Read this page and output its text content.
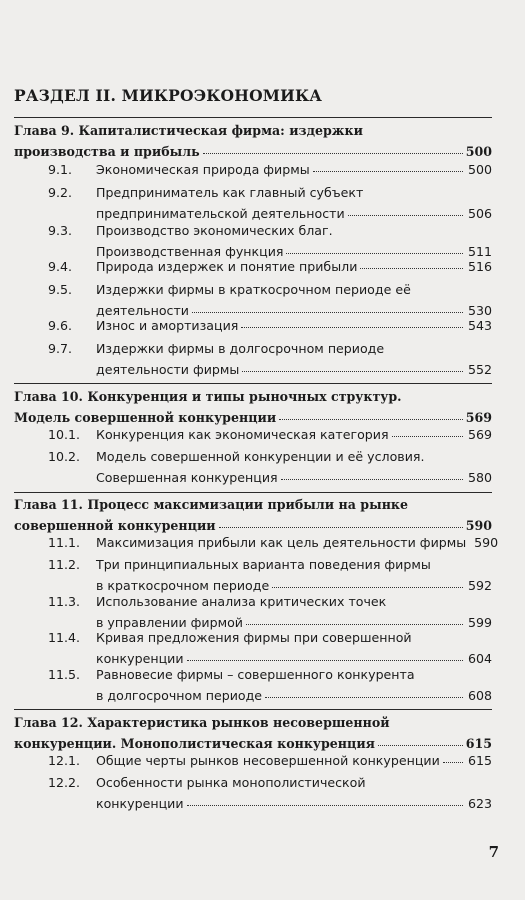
РАЗДЕЛ II. МИКРОЭКОНОМИКА
Глава 9. Капиталистическая фирма: издержки
производства и прибыль	500
9.1.	Экономическая природа фирмы	500
9.2.	Предприниматель как главный субъект
предпринимательской деятельности	506
9.3.	Производство экономических благ.
Производственная функция	511
9.4.	Природа издержек и понятие прибыли	516
9.5.	Издержки фирмы в краткосрочном периоде её
деятельности	530
9.6.	Износ и амортизация	543
9.7.	Издержки фирмы в долгосрочном периоде
деятельности фирмы	552
Глава 10. Конкуренция и типы рыночных структур.
Модель совершенной конкуренции	569
10.1.	Конкуренция как экономическая категория	569
10.2.	Модель совершенной конкуренции и её условия.
Совершенная конкуренция	580
Глава 11. Процесс максимизации прибыли на рынке
совершенной конкуренции	590
11.1.	Максимизация прибыли как цель деятельности фирмы 590
11.2.	Три принципиальных варианта поведения фирмы
в краткосрочном периоде	592
11.3.	Использование анализа критических точек
в управлении фирмой	599
11.4.	Кривая предложения фирмы при совершенной
конкуренции	604
11.5.	Равновесие фирмы – совершенного конкурента
в долгосрочном периоде	608
Глава 12. Характеристика рынков несовершенной
конкуренции. Монополистическая конкуренция	615
12.1.	Общие черты рынков несовершенной конкуренции 615
12.2.	Особенности рынка монополистической
конкуренции	623
7
